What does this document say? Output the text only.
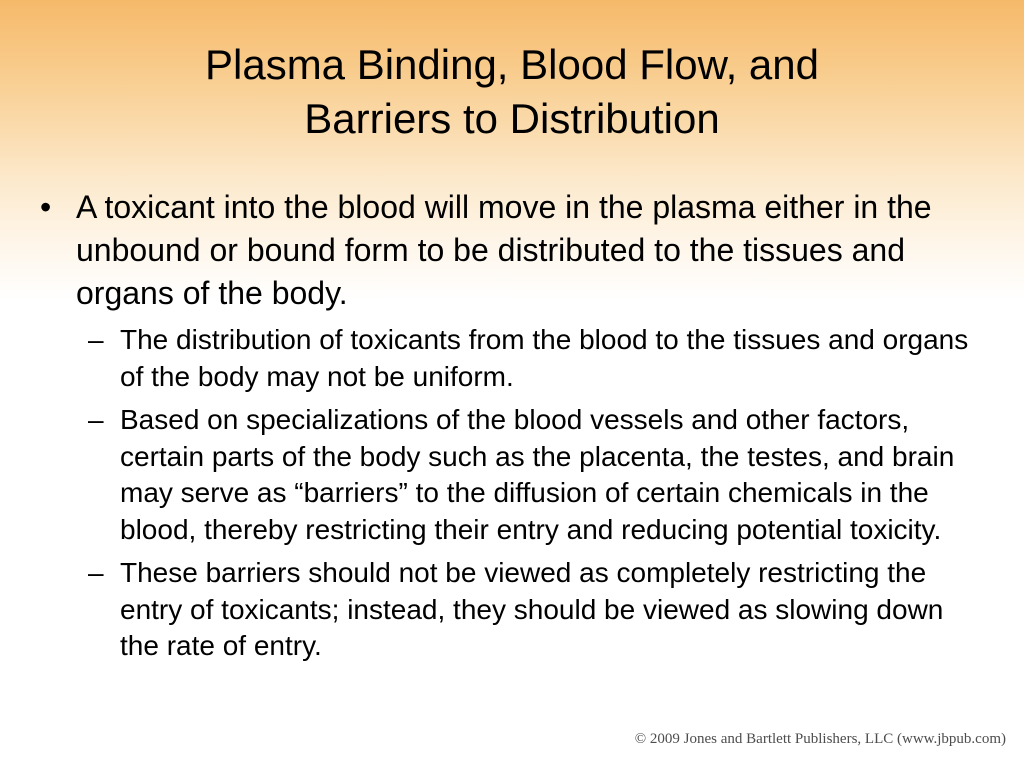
Plasma Binding, Blood Flow, and
Barriers to Distribution
• A toxicant into the blood will move in the plasma either in the unbound or bound form to be distributed to the tissues and organs of the body.
– The distribution of toxicants from the blood to the tissues and organs of the body may not be uniform.
– Based on specializations of the blood vessels and other factors, certain parts of the body such as the placenta, the testes, and brain may serve as “barriers” to the diffusion of certain chemicals in the blood, thereby restricting their entry and reducing potential toxicity.
– These barriers should not be viewed as completely restricting the entry of toxicants; instead, they should be viewed as slowing down the rate of entry.
© 2009 Jones and Bartlett Publishers, LLC (www.jbpub.com)
